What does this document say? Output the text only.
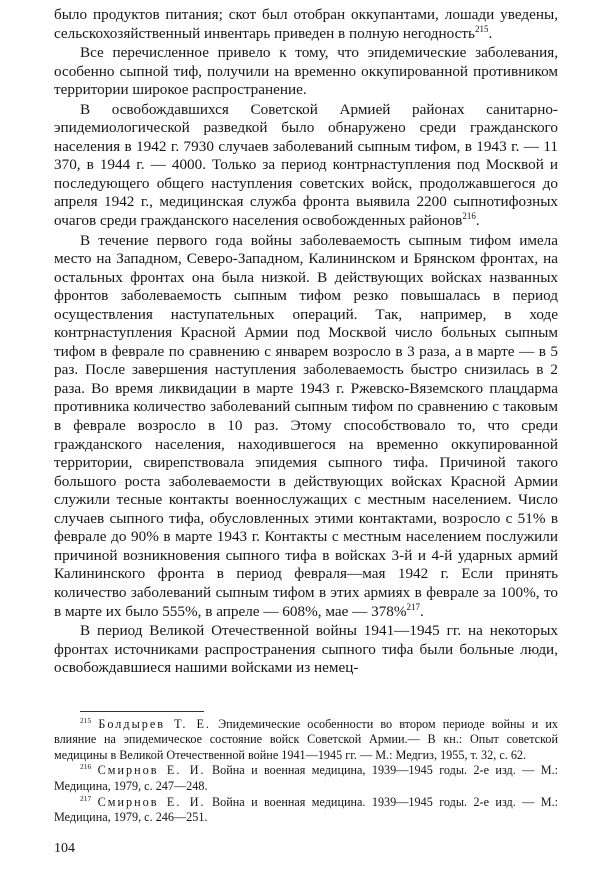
было продуктов питания; скот был отобран оккупантами, лошади уведены, сельскохозяйственный инвентарь приведен в полную негодность$^{215}$.

Все перечисленное привело к тому, что эпидемические заболевания, особенно сыпной тиф, получили на временно оккупированной противником территории широкое распространение.

В освобождавшихся Советской Армией районах санитарно-эпидемиологической разведкой было обнаружено среди гражданского населения в 1942 г. 7930 случаев заболеваний сыпным тифом, в 1943 г. — 11 370, в 1944 г. — 4000. Только за период контрнаступления под Москвой и последующего общего наступления советских войск, продолжавшегося до апреля 1942 г., медицинская служба фронта выявила 2200 сыпнотифозных очагов среди гражданского населения освобожденных районов$^{216}$.

В течение первого года войны заболеваемость сыпным тифом имела место на Западном, Северо-Западном, Калининском и Брянском фронтах, на остальных фронтах она была низкой. В действующих войсках названных фронтов заболеваемость сыпным тифом резко повышалась в период осуществления наступательных операций. Так, например, в ходе контрнаступления Красной Армии под Москвой число больных сыпным тифом в феврале по сравнению с январем возросло в 3 раза, а в марте — в 5 раз. После завершения наступления заболеваемость быстро снизилась в 2 раза. Во время ликвидации в марте 1943 г. Ржевско-Вяземского плацдарма противника количество заболеваний сыпным тифом по сравнению с таковым в феврале возросло в 10 раз. Этому способствовало то, что среди гражданского населения, находившегося на временно оккупированной территории, свирепствовала эпидемия сыпного тифа. Причиной такого большого роста заболеваемости в действующих войсках Красной Армии служили тесные контакты военнослужащих с местным населением. Число случаев сыпного тифа, обусловленных этими контактами, возросло с 51% в феврале до 90% в марте 1943 г. Контакты с местным населением послужили причиной возникновения сыпного тифа в войсках 3-й и 4-й ударных армий Калининского фронта в период февраля—мая 1942 г. Если принять количество заболеваний сыпным тифом в этих армиях в феврале за 100%, то в марте их было 555%, в апреле — 608%, мае — 378%$^{217}$.

В период Великой Отечественной войны 1941—1945 гг. на некоторых фронтах источниками распространения сыпного тифа были больные люди, освобождавшиеся нашими войсками из немец-

$^{215}$ Болдырев Т. Е. Эпидемические особенности во втором периоде войны и их влияние на эпидемическое состояние войск Советской Армии.— В кн.: Опыт советской медицины в Великой Отечественной войне 1941—1945 гг. — М.: Медгиз, 1955, т. 32, с. 62.

$^{216}$ Смирнов Е. И. Война и военная медицина, 1939—1945 годы. 2-е изд. — М.: Медицина, 1979, с. 247—248.

$^{217}$ Смирнов Е. И. Война и военная медицина. 1939—1945 годы. 2-е изд. — М.: Медицина, 1979, с. 246—251.

104
